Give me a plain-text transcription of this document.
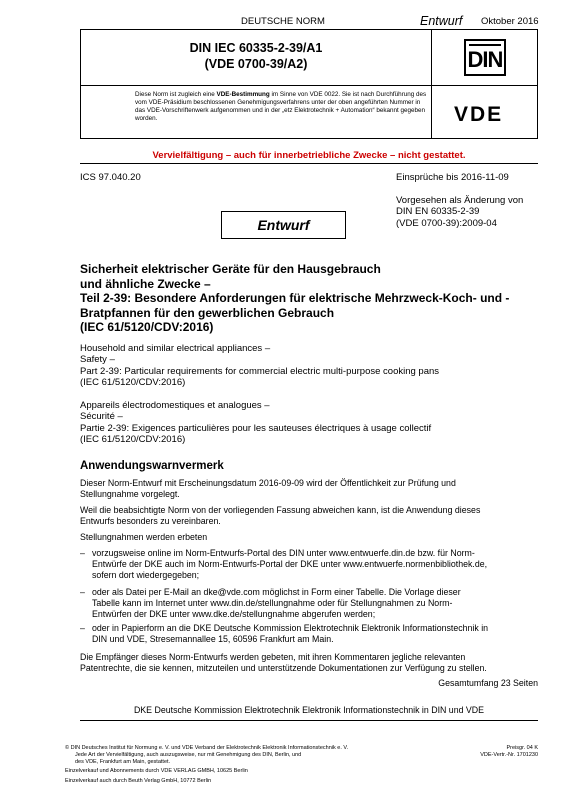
DEUTSCHE NORM	Entwurf Oktober 2016
DIN IEC 60335-2-39/A1
(VDE 0700-39/A2)	DIN
Diese Norm ist zugleich eine VDE-Bestimmung im Sinne von VDE 0022. Sie ist nach Durchführung des vom VDE-Präsidium beschlossenen Genehmigungsverfahrens unter der oben angeführten Nummer in das VDE-Vorschriftenwerk aufgenommen und in der „etz Elektrotechnik + Automation“ bekannt gegeben worden.	VDE
Vervielfältigung – auch für innerbetriebliche Zwecke – nicht gestattet.
ICS 97.040.20	Einsprüche bis 2016-11-09
Vorgesehen als Änderung von
DIN EN 60335-2-39
(VDE 0700-39):2009-04
Entwurf
Sicherheit elektrischer Geräte für den Hausgebrauch
und ähnliche Zwecke –
Teil 2-39: Besondere Anforderungen für elektrische Mehrzweck-Koch- und -
Bratpfannen für den gewerblichen Gebrauch
(IEC 61/5120/CDV:2016)
Household and similar electrical appliances –
Safety –
Part 2-39: Particular requirements for commercial electric multi-purpose cooking pans
(IEC 61/5120/CDV:2016)
Appareils électrodomestiques et analogues –
Sécurité –
Partie 2-39: Exigences particulières pour les sauteuses électriques à usage collectif
(IEC 61/5120/CDV:2016)
Anwendungswarnvermerk
Dieser Norm-Entwurf mit Erscheinungsdatum 2016-09-09 wird der Öffentlichkeit zur Prüfung und
Stellungnahme vorgelegt.
Weil die beabsichtigte Norm von der vorliegenden Fassung abweichen kann, ist die Anwendung dieses
Entwurfs besonders zu vereinbaren.
Stellungnahmen werden erbeten
– vorzugsweise online im Norm-Entwurfs-Portal des DIN unter www.entwuerfe.din.de bzw. für Norm-
Entwürfe der DKE auch im Norm-Entwurfs-Portal der DKE unter www.entwuerfe.normenbibliothek.de,
sofern dort wiedergegeben;
– oder als Datei per E-Mail an dke@vde.com möglichst in Form einer Tabelle. Die Vorlage dieser
Tabelle kann im Internet unter www.din.de/stellungnahme oder für Stellungnahmen zu Norm-
Entwürfen der DKE unter www.dke.de/stellungnahme abgerufen werden;
– oder in Papierform an die DKE Deutsche Kommission Elektrotechnik Elektronik Informationstechnik in
DIN und VDE, Stresemannallee 15, 60596 Frankfurt am Main.
Die Empfänger dieses Norm-Entwurfs werden gebeten, mit ihren Kommentaren jegliche relevanten
Patentrechte, die sie kennen, mitzuteilen und unterstützende Dokumentationen zur Verfügung zu stellen.
Gesamtumfang 23 Seiten
DKE Deutsche Kommission Elektrotechnik Elektronik Informationstechnik in DIN und VDE
© DIN Deutsches Institut für Normung e. V. und VDE Verband der Elektrotechnik Elektronik Informationstechnik e. V.
Jede Art der Vervielfältigung, auch auszugsweise, nur mit Genehmigung des DIN, Berlin, und
des VDE, Frankfurt am Main, gestattet.
Einzelverkauf und Abonnements durch VDE VERLAG GMBH, 10625 Berlin
Einzelverkauf auch durch Beuth Verlag GmbH, 10772 Berlin
Preisgr. 04 K
VDE-Vertr.-Nr. 1701230
